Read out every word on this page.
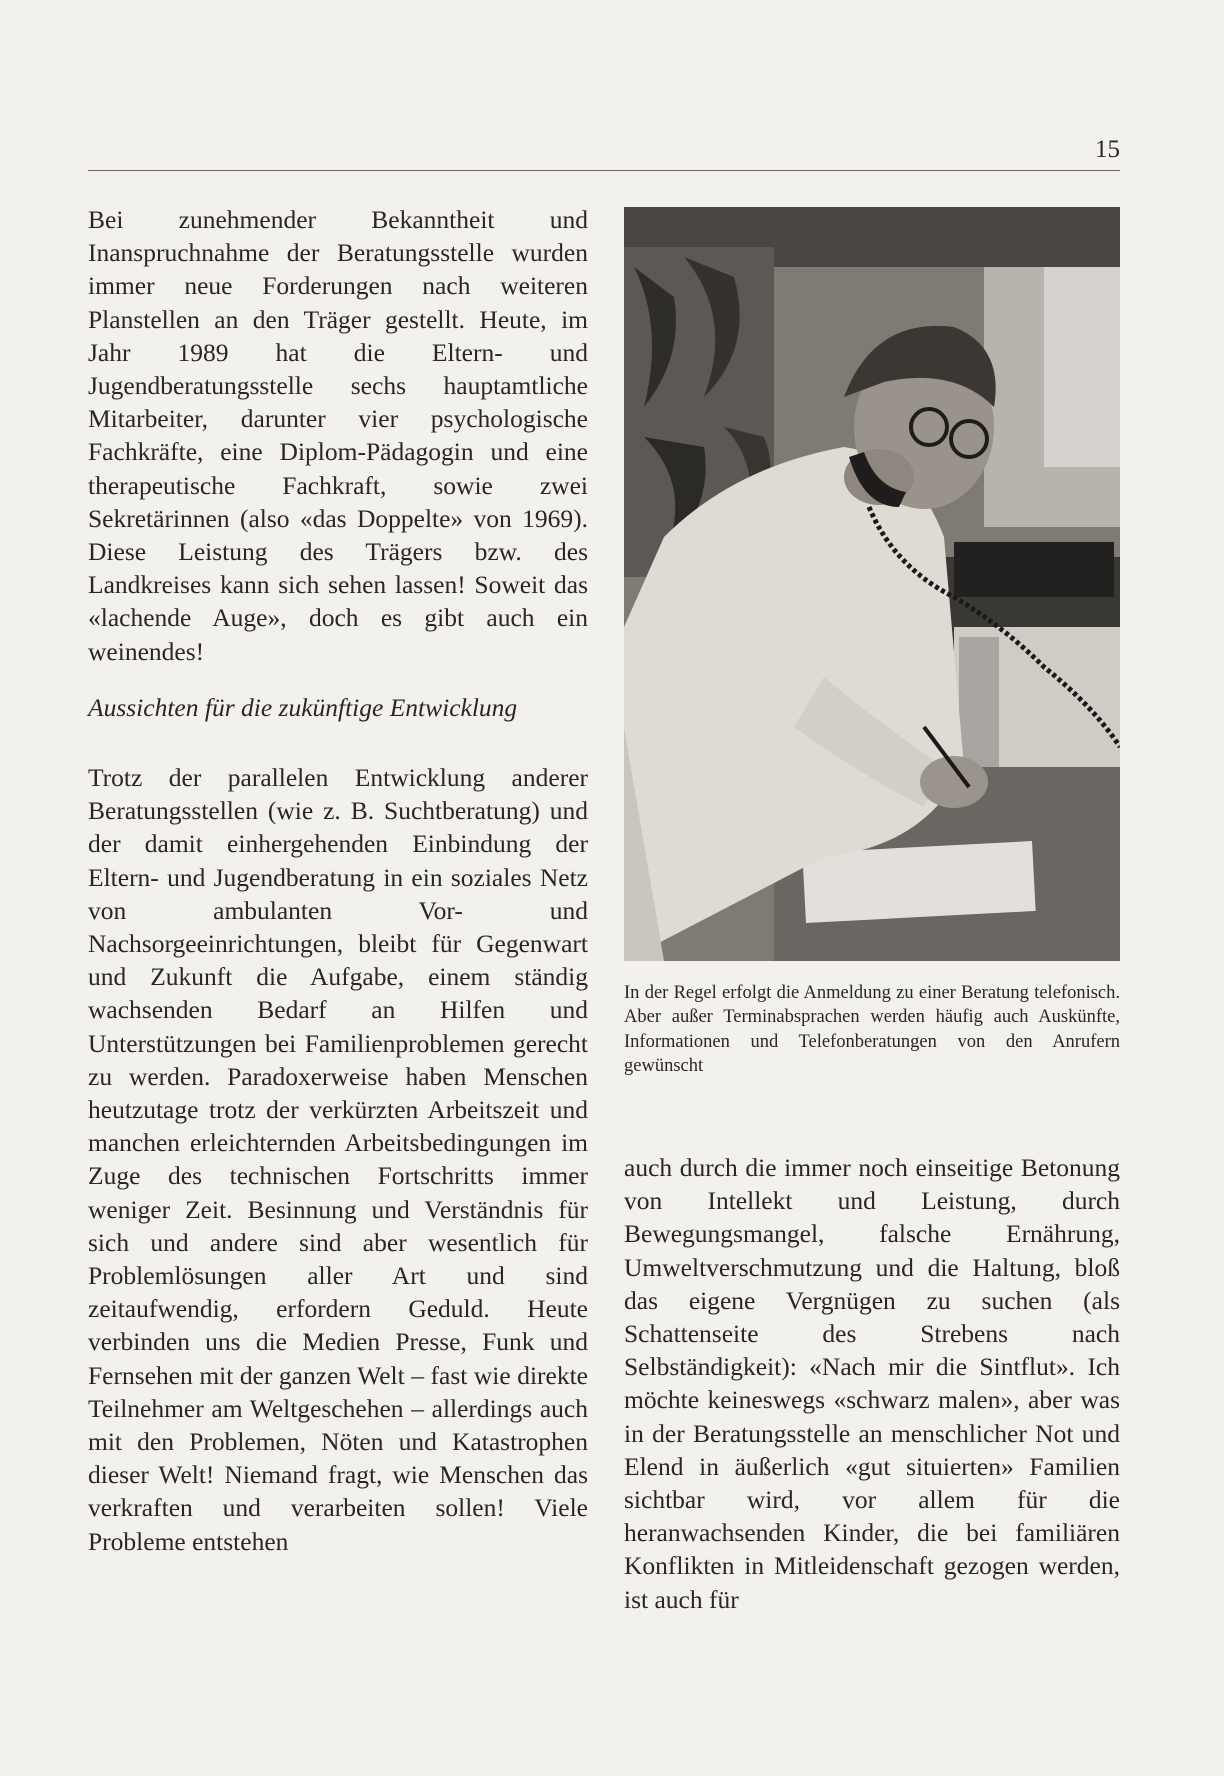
15

Bei zunehmender Bekanntheit und Inanspruchnahme der Beratungsstelle wurden immer neue Forderungen nach weiteren Planstellen an den Träger gestellt. Heute, im Jahr 1989 hat die Eltern- und Jugendberatungsstelle sechs hauptamtliche Mitarbeiter, darunter vier psychologische Fachkräfte, eine Diplom-Pädagogin und eine therapeutische Fachkraft, sowie zwei Sekretärinnen (also «das Doppelte» von 1969). Diese Leistung des Trägers bzw. des Landkreises kann sich sehen lassen! Soweit das «lachende Auge», doch es gibt auch ein weinendes!

Aussichten für die zukünftige Entwicklung

Trotz der parallelen Entwicklung anderer Beratungsstellen (wie z. B. Suchtberatung) und der damit einhergehenden Einbindung der Eltern- und Jugendberatung in ein soziales Netz von ambulanten Vor- und Nachsorgeeinrichtungen, bleibt für Gegenwart und Zukunft die Aufgabe, einem ständig wachsenden Bedarf an Hilfen und Unterstützungen bei Familienproblemen gerecht zu werden. Paradoxerweise haben Menschen heutzutage trotz der verkürzten Arbeitszeit und manchen erleichternden Arbeitsbedingungen im Zuge des technischen Fortschritts immer weniger Zeit. Besinnung und Verständnis für sich und andere sind aber wesentlich für Problemlösungen aller Art und sind zeitaufwendig, erfordern Geduld. Heute verbinden uns die Medien Presse, Funk und Fernsehen mit der ganzen Welt – fast wie direkte Teilnehmer am Weltgeschehen – allerdings auch mit den Problemen, Nöten und Katastrophen dieser Welt! Niemand fragt, wie Menschen das verkraften und verarbeiten sollen! Viele Probleme entstehen

In der Regel erfolgt die Anmeldung zu einer Beratung telefonisch. Aber außer Terminabsprachen werden häufig auch Auskünfte, Informationen und Telefonberatungen von den Anrufern gewünscht

auch durch die immer noch einseitige Betonung von Intellekt und Leistung, durch Bewegungsmangel, falsche Ernährung, Umweltverschmutzung und die Haltung, bloß das eigene Vergnügen zu suchen (als Schattenseite des Strebens nach Selbständigkeit): «Nach mir die Sintflut». Ich möchte keineswegs «schwarz malen», aber was in der Beratungsstelle an menschlicher Not und Elend in äußerlich «gut situierten» Familien sichtbar wird, vor allem für die heranwachsenden Kinder, die bei familiären Konflikten in Mitleidenschaft gezogen werden, ist auch für
